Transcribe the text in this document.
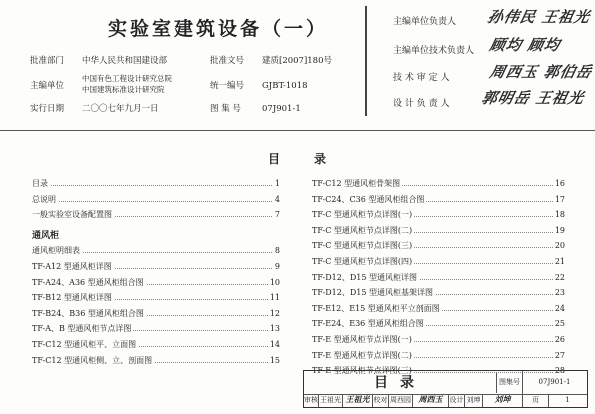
实验室建筑设备（一）
批准部门 中华人民共和国建设部	批准文号 建质[2007]180号
主编单位
中国有色工程设计研究总院
中国建筑标准设计研究院	统一编号 GJBT-1018
实行日期 二〇〇七年九月一日	图 集 号 07J901-1
主编单位负责人 孙伟民 王祖光
主编单位技术负责人 顾均 顾均
技 术 审 定 人	周西玉 郭伯岳
设 计 负 责 人 郭明岳 王祖光
目录
目录	1
总说明	4
一般实验室设备配置图	7
通风柜
通风柜明细表	8
TF-A12 型通风柜详图	9
TF-A24、A36 型通风柜组合图	10
TF-B12 型通风柜详图	11
TF-B24、B36 型通风柜组合图	12
TF-A、B 型通风柜节点详图	13
TF-C12 型通风柜平、立面图	14
TF-C12 型通风柜侧、立、剖面图	15
TF-C12 型通风柜骨架图	16
TF-C24、C36 型通风柜组合图	17
TF-C 型通风柜节点详图(一)	18
TF-C 型通风柜节点详图(二)	19
TF-C 型通风柜节点详图(三)	20
TF-C 型通风柜节点详图(四)	21
TF-D12、D15 型通风柜详图	22
TF-D12、D15 型通风柜基架详图	23
TF-E12、E15 型通风柜平立剖面图	24
TF-E24、E36 型通风柜组合图	25
TF-E 型通风柜节点详图(一)	26
TF-E 型通风柜节点详图(二)	27
TF-E 型通风柜节点详图(三)	28
目录	图集号	07J901-1
审核 王祖光 王祖光 校对 周西园 周西玉	设计 刘坤	刘坤	页	1
